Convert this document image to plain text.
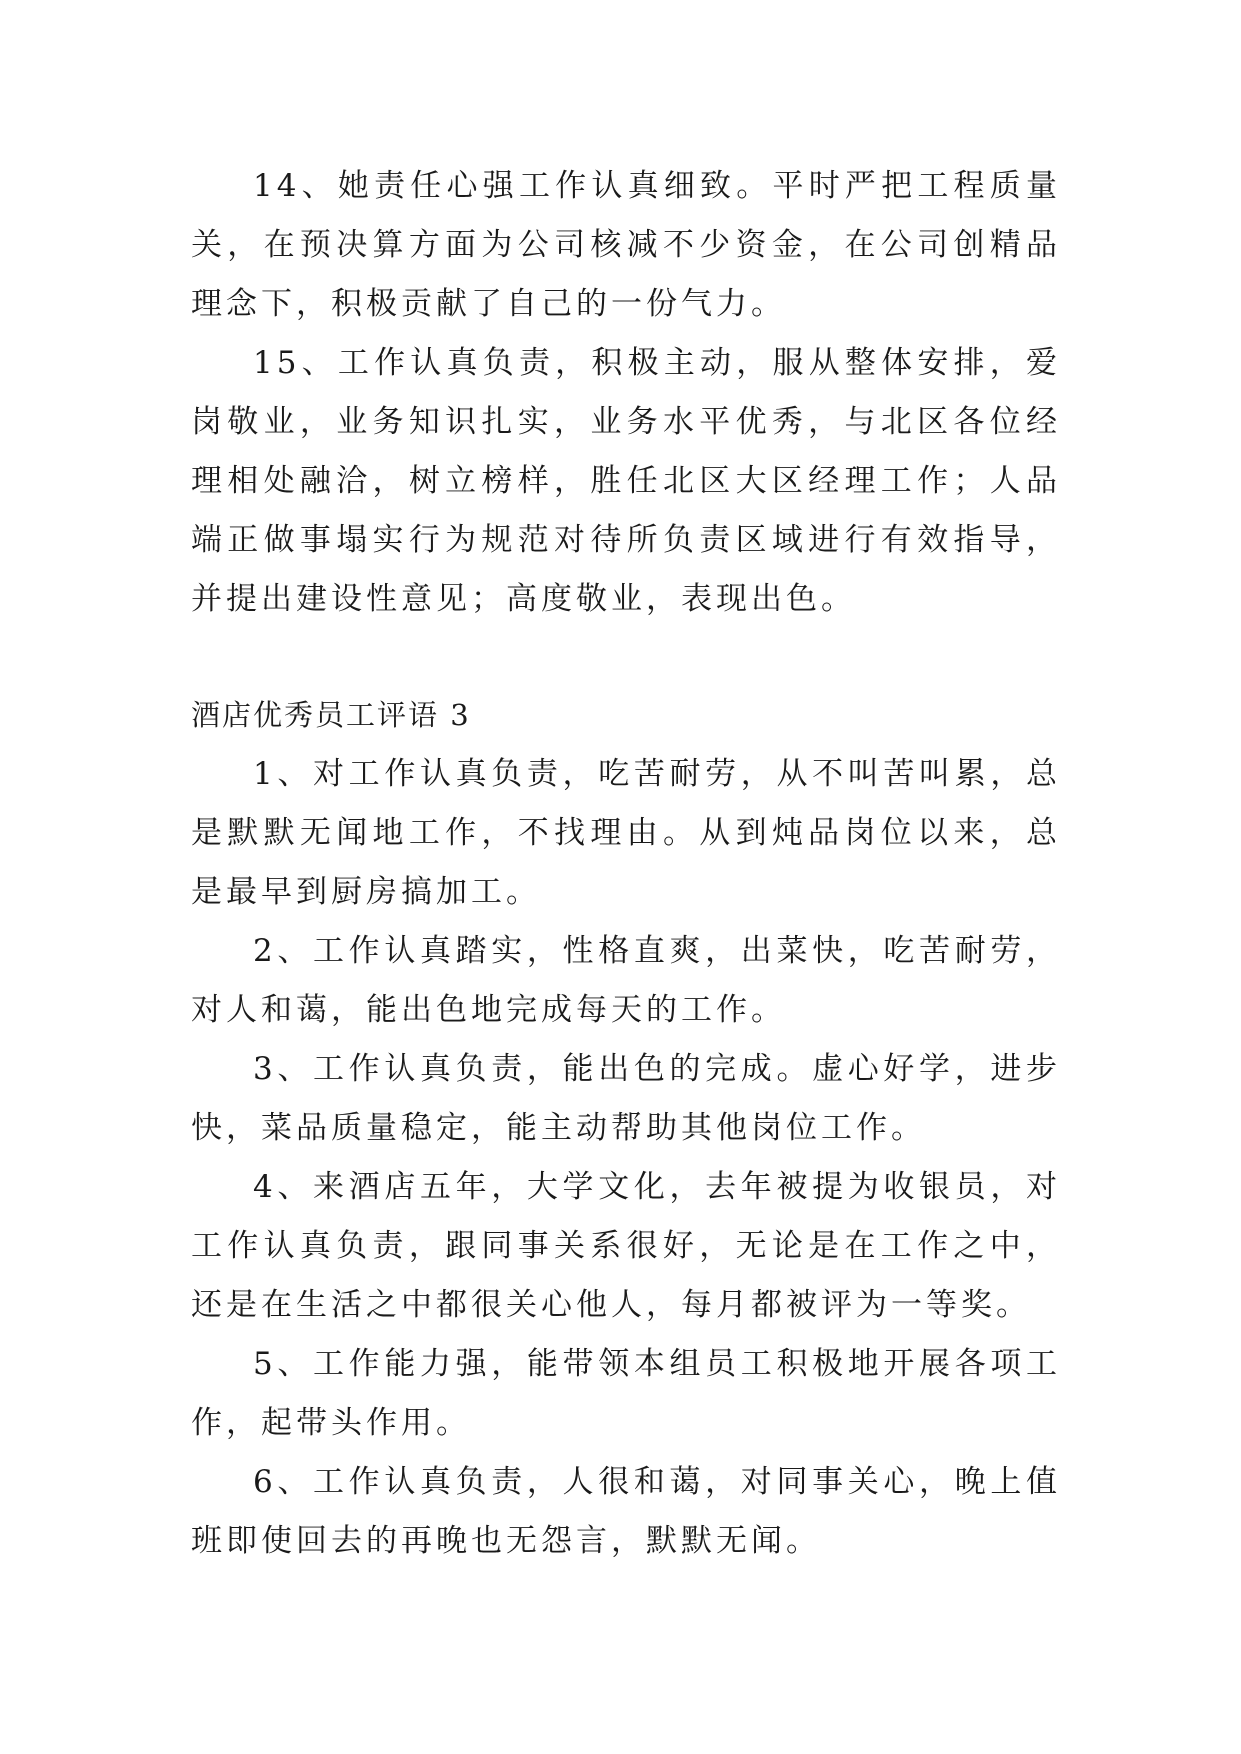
14、她责任心强工作认真细致。平时严把工程质量关，在预决算方面为公司核减不少资金，在公司创精品理念下，积极贡献了自己的一份气力。

15、工作认真负责，积极主动，服从整体安排，爱岗敬业，业务知识扎实，业务水平优秀，与北区各位经理相处融洽，树立榜样，胜任北区大区经理工作；人品端正做事塌实行为规范对待所负责区域进行有效指导，并提出建设性意见；高度敬业，表现出色。

酒店优秀员工评语 3

1、对工作认真负责，吃苦耐劳，从不叫苦叫累，总是默默无闻地工作，不找理由。从到炖品岗位以来，总是最早到厨房搞加工。

2、工作认真踏实，性格直爽，出菜快，吃苦耐劳，对人和蔼，能出色地完成每天的工作。

3、工作认真负责，能出色的完成。虚心好学，进步快，菜品质量稳定，能主动帮助其他岗位工作。

4、来酒店五年，大学文化，去年被提为收银员，对工作认真负责，跟同事关系很好，无论是在工作之中，还是在生活之中都很关心他人，每月都被评为一等奖。

5、工作能力强，能带领本组员工积极地开展各项工作，起带头作用。

6、工作认真负责，人很和蔼，对同事关心，晚上值班即使回去的再晚也无怨言，默默无闻。
